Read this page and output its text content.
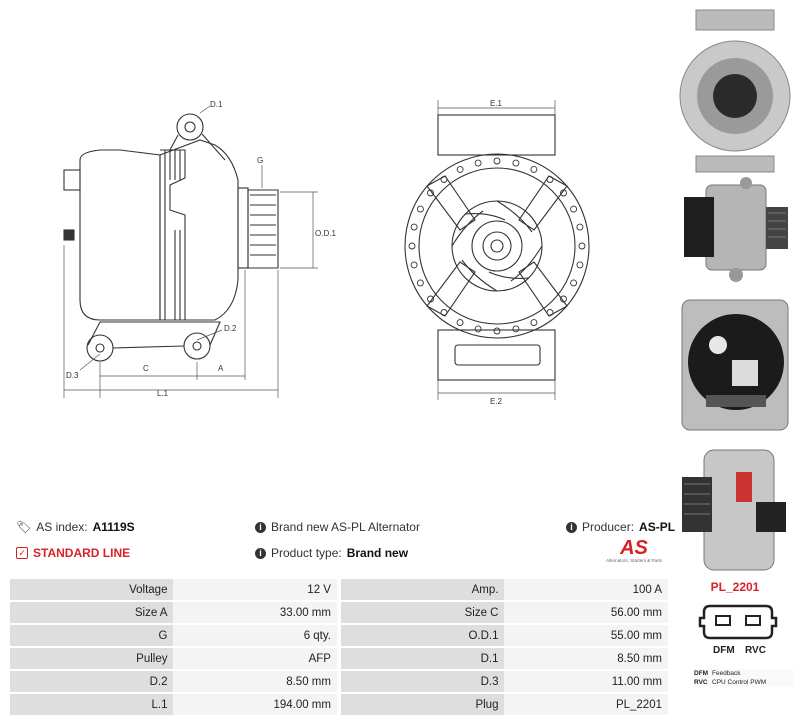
D.1
G
O.D.1
D.2
D.3
C	A
L.1
E.1
E.2
🏷︎ AS index: A1119S
✓ STANDARD LINE
i Brand new AS-PL Alternator
i Product type: Brand new
i Producer: AS-PL
AS
Alternators, Starters & Parts
Voltage	12 V		Amp.	100 A
Size A	33.00 mm		Size C	56.00 mm
G	6 qty.		O.D.1	55.00 mm
Pulley	AFP		D.1	8.50 mm
D.2	8.50 mm		D.3	11.00 mm
L.1	194.00 mm		Plug	PL_2201
PL_2201
DFM RVC
DFM Feedback
RVC CPU Control PWM
